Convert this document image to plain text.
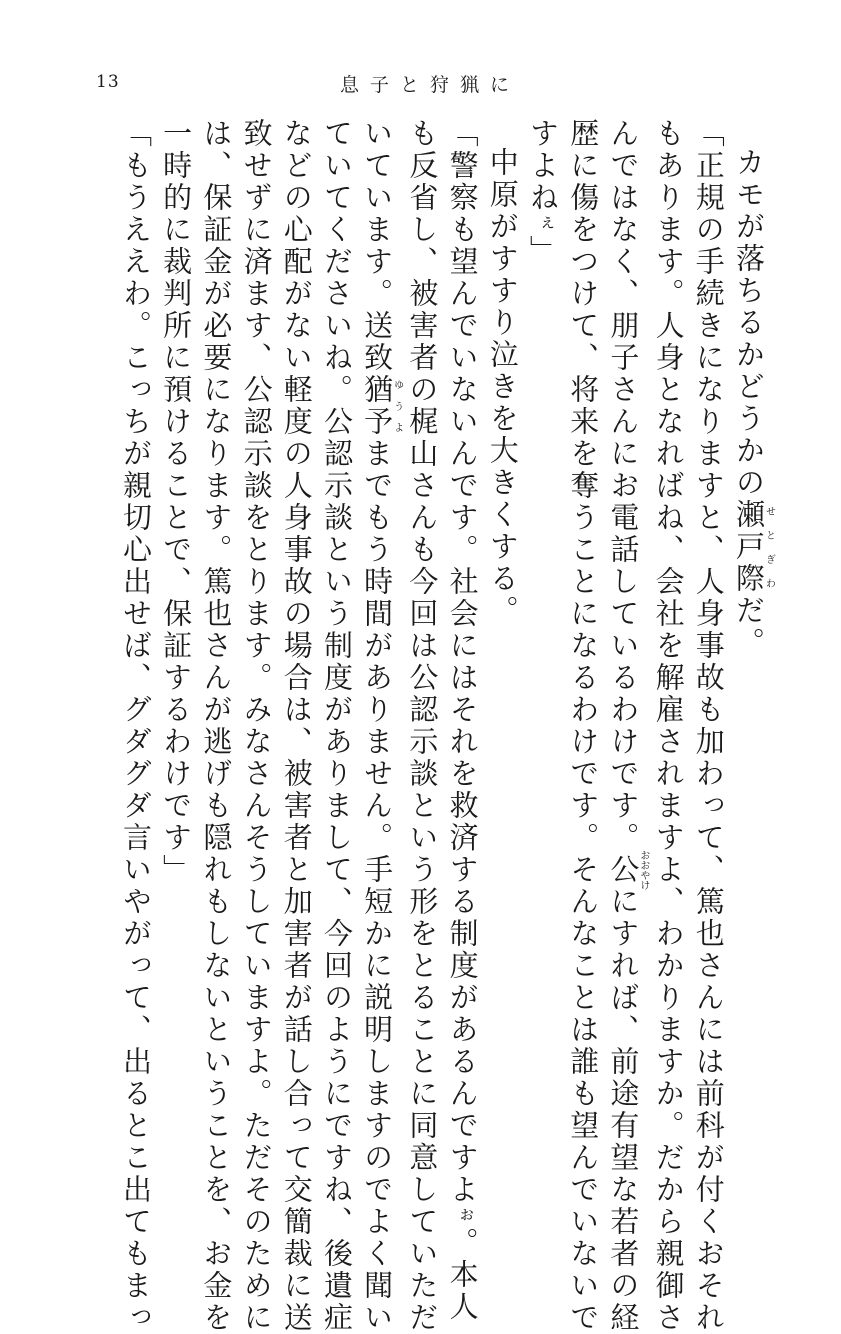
13	息子と狩猟に

カモが落ちるかどうかの瀬戸際せとぎわだ。

「正規の手続きになりますと、人身事故も加わって、篤也さんには前科が付くおそれ

もあります。人身となればね、会社を解雇されますよ、わかりますか。だから親御さ

んではなく、朋子さんにお電話しているわけです。公おおやけにすれば、前途有望な若者の経

歴に傷をつけて、将来を奪うことになるわけです。そんなことは誰も望んでいないで

すよねぇ」

中原がすすり泣きを大きくする。

「警察も望んでいないんです。社会にはそれを救済する制度があるんですよぉ。本人

も反省し、被害者の梶山さんも今回は公認示談という形をとることに同意していただ

いています。送致猶予ゆうよまでもう時間がありません。手短かに説明しますのでよく聞い

ていてくださいね。公認示談という制度がありまして、今回のようにですね、後遺症

などの心配がない軽度の人身事故の場合は、被害者と加害者が話し合って交簡裁に送

致せずに済ます、公認示談をとります。みなさんそうしていますよ。ただそのために

は、保証金が必要になります。篤也さんが逃げも隠れもしないということを、お金を

一時的に裁判所に預けることで、保証するわけです」

「もうええわ。こっちが親切心出せば、グダグダ言いやがって、出るとこ出てもまっ
